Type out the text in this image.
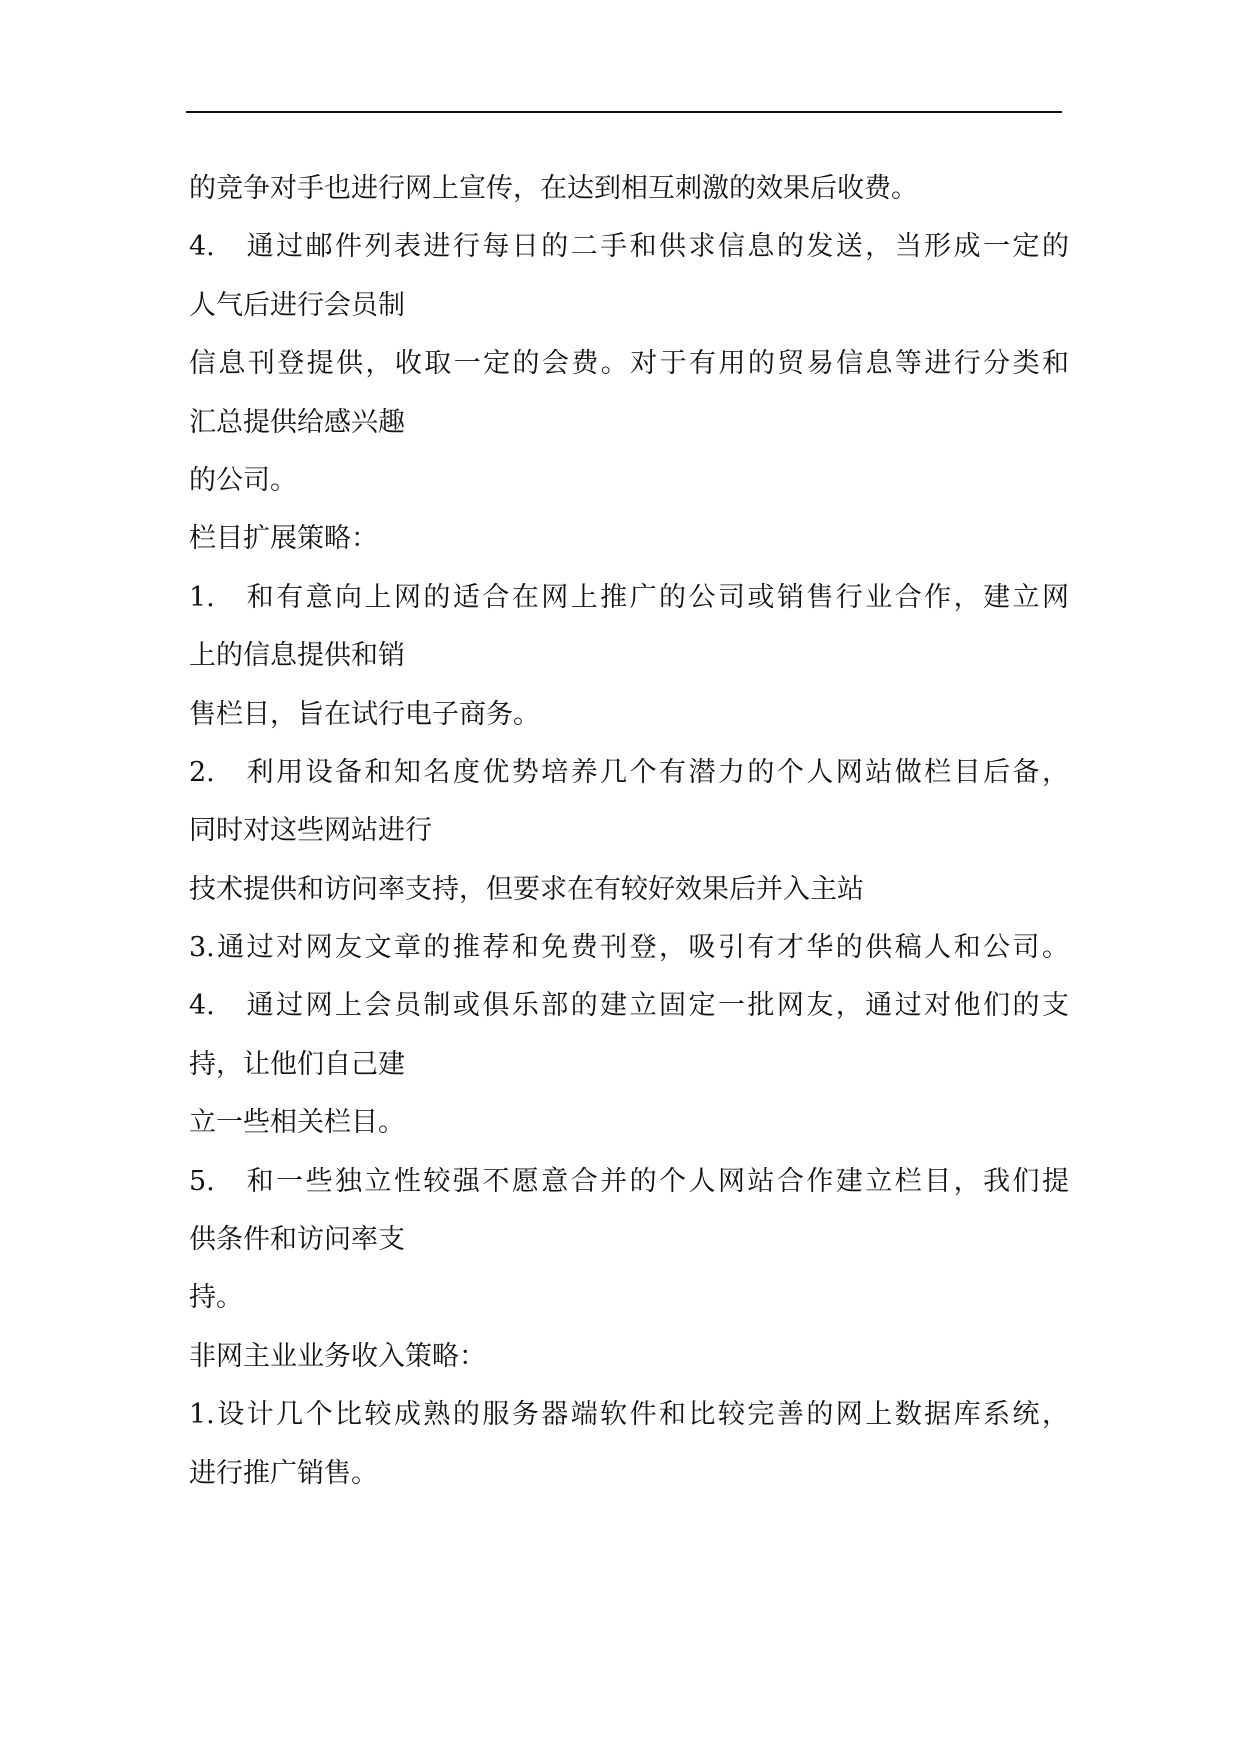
的竞争对手也进行网上宣传，在达到相互刺激的效果后收费。
4.　通过邮件列表进行每日的二手和供求信息的发送，当形成一定的
人气后进行会员制
信息刊登提供，收取一定的会费。对于有用的贸易信息等进行分类和
汇总提供给感兴趣
的公司。
栏目扩展策略：
1.　和有意向上网的适合在网上推广的公司或销售行业合作，建立网
上的信息提供和销
售栏目，旨在试行电子商务。
2.　利用设备和知名度优势培养几个有潜力的个人网站做栏目后备，
同时对这些网站进行
技术提供和访问率支持，但要求在有较好效果后并入主站
3.通过对网友文章的推荐和免费刊登，吸引有才华的供稿人和公司。
4.　通过网上会员制或俱乐部的建立固定一批网友，通过对他们的支
持，让他们自己建
立一些相关栏目。
5.　和一些独立性较强不愿意合并的个人网站合作建立栏目，我们提
供条件和访问率支
持。
非网主业业务收入策略：
1.设计几个比较成熟的服务器端软件和比较完善的网上数据库系统，
进行推广销售。
